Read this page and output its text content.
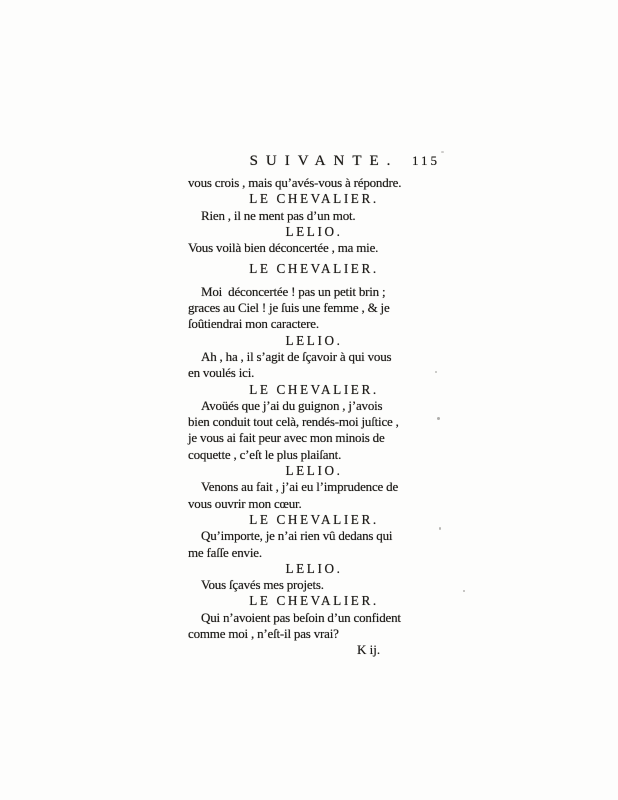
SUIVANTE. 115
vous crois , mais qu’avés-vous à répondre.
LE CHEVALIER.
Rien , il ne ment pas d’un mot.
LELIO.
Vous voilà bien déconcertée , ma mie.
LE CHEVALIER.
Moi  déconcertée ! pas un petit brin ;
graces au Ciel ! je ſuis une femme , & je
ſoûtiendrai mon caractere.
LELIO.
Ah , ha , il s’agit de ſçavoir à qui vous
en voulés ici.
LE CHEVALIER.
Avoüés que j’ai du guignon , j’avois
bien conduit tout celà, rendés-moi juſtice ,
je vous ai fait peur avec mon minois de
coquette , c’eſt le plus plaiſant.
LELIO.
Venons au fait , j’ai eu l’imprudence de
vous ouvrir mon cœur.
LE CHEVALIER.
Qu’importe, je n’ai rien vû dedans qui
me faſſe envie.
LELIO.
Vous ſçavés mes projets.
LE CHEVALIER.
Qui n’avoient pas beſoin d’un confident
comme moi , n’eſt-il pas vrai?
K ij.
